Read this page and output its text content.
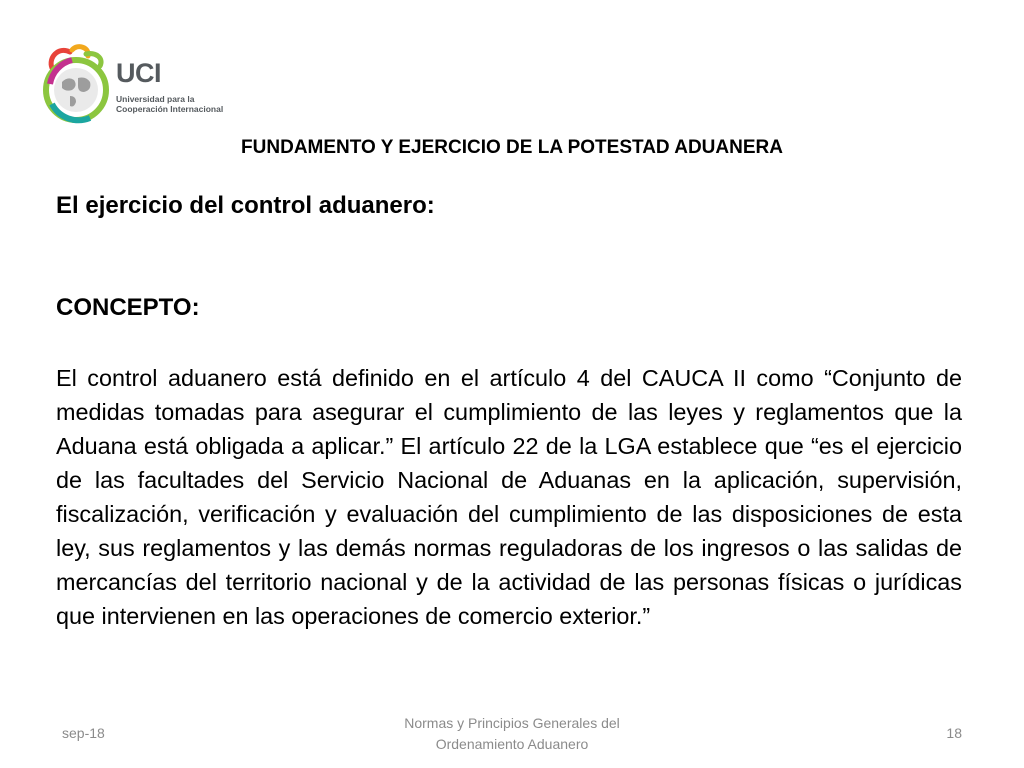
UCI
Universidad para la
Cooperación Internacional
FUNDAMENTO Y EJERCICIO DE LA POTESTAD ADUANERA
El ejercicio del control aduanero:
CONCEPTO:
El control aduanero está definido en el artículo 4 del CAUCA II como “Conjunto de medidas tomadas para asegurar el cumplimiento de las leyes y reglamentos que la Aduana está obligada a aplicar.” El artículo 22 de la LGA establece que “es el ejercicio de las facultades del Servicio Nacional de Aduanas en la aplicación, supervisión, fiscalización, verificación y evaluación del cumplimiento de las disposiciones de esta ley, sus reglamentos y las demás normas reguladoras de los ingresos o las salidas de mercancías del territorio nacional y de la actividad de las personas físicas o jurídicas que intervienen en las operaciones de comercio exterior.”
sep-18
Normas y Principios Generales del
Ordenamiento Aduanero
18
